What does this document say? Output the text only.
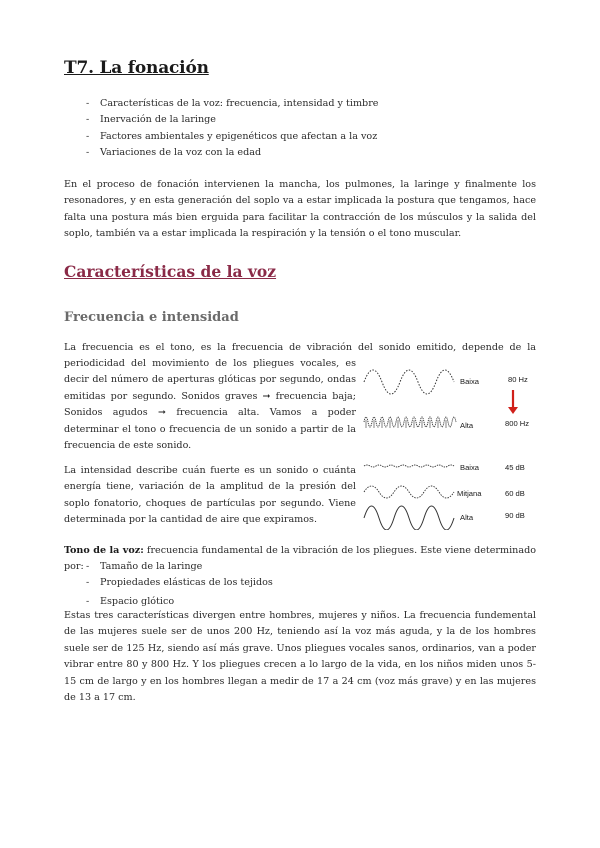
T7. La fonación
- Características de la voz: frecuencia, intensidad y timbre
- Inervación de la laringe
- Factores ambientales y epigenéticos que afectan a la voz
- Variaciones de la voz con la edad

En el proceso de fonación intervienen la mancha, los pulmones, la laringe y finalmente los resonadores, y en esta generación del soplo va a estar implicada la postura que tengamos, hace falta una postura más bien erguida para facilitar la contracción de los músculos y la salida del soplo, también va a estar implicada la respiración y la tensión o el tono muscular.

Características de la voz
Frecuencia e intensidad

La frecuencia es el tono, es la frecuencia de vibración del sonido emitido, depende de la

periodicidad del movimiento de los pliegues vocales, es decir del número de aperturas glóticas por segundo, ondas emitidas por segundo. Sonidos graves ➞ frecuencia baja; Sonidos agudos ➞ frecuencia alta. Vamos a poder determinar el tono o frecuencia de un sonido a partir de la frecuencia de este sonido.

La intensidad describe cuán fuerte es un sonido o cuánta energía tiene, variación de la amplitud de la presión del soplo fonatorio, choques de partículas por segundo. Viene determinada por la cantidad de aire que expiramos.

Baixa	80 Hz
Alta	800 Hz
Baixa	45 dB
Mitjana	60 dB
Alta	90 dB

Tono de la voz: frecuencia fundamental de la vibración de los pliegues. Este viene determinado por:

-	Tamaño de la laringe
- Propiedades elásticas de los tejidos
- Espacio glótico

Estas tres características divergen entre hombres, mujeres y niños. La frecuencia fundemental de las mujeres suele ser de unos 200 Hz, teniendo así la voz más aguda, y la de los hombres suele ser de 125 Hz, siendo así más grave. Unos pliegues vocales sanos, ordinarios, van a poder vibrar entre 80 y 800 Hz. Y los pliegues crecen a lo largo de la vida, en los niños miden unos 5-15 cm de largo y en los hombres llegan a medir de 17 a 24 cm (voz más grave) y en las mujeres de 13 a 17 cm.
